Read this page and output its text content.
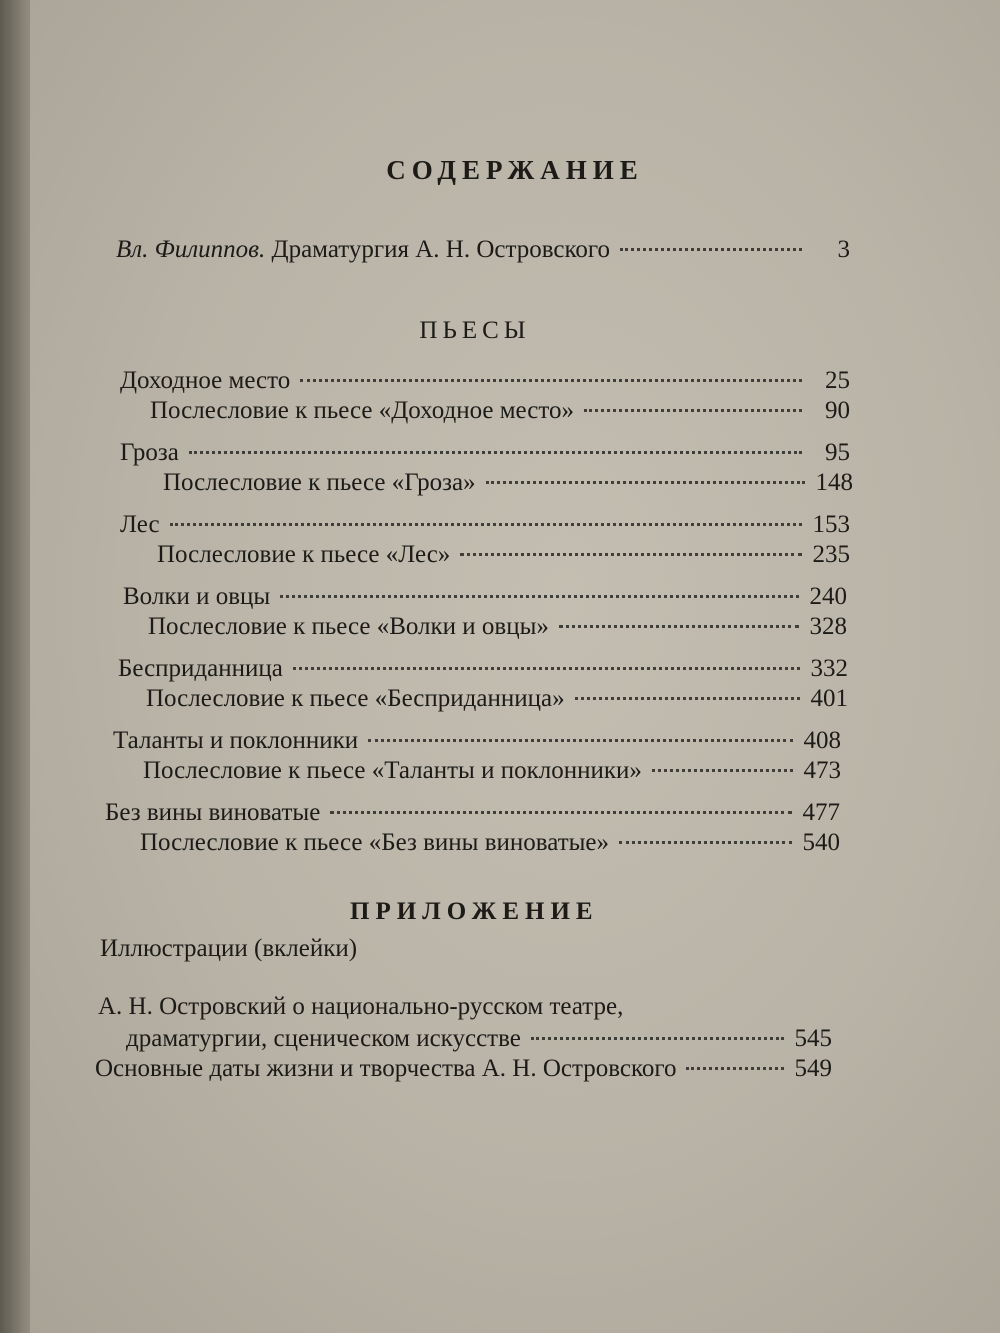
СОДЕРЖАНИЕ
Вл. Филиппов. Драматургия А. Н. Островского	3
ПЬЕСЫ
Доходное место	25
Послесловие к пьесе «Доходное место»	90
Гроза	95
Послесловие к пьесе «Гроза»	148
Лес	153
Послесловие к пьесе «Лес»	235
Волки и овцы	240
Послесловие к пьесе «Волки и овцы»	328
Бесприданница	332
Послесловие к пьесе «Бесприданница»	401
Таланты и поклонники	408
Послесловие к пьесе «Таланты и поклонники»	473
Без вины виноватые	477
Послесловие к пьесе «Без вины виноватые»	540
ПРИЛОЖЕНИЕ
Иллюстрации (вклейки)
А. Н. Островский о национально-русском театре,
драматургии, сценическом искусстве	545
Основные даты жизни и творчества А. Н. Островского	549
